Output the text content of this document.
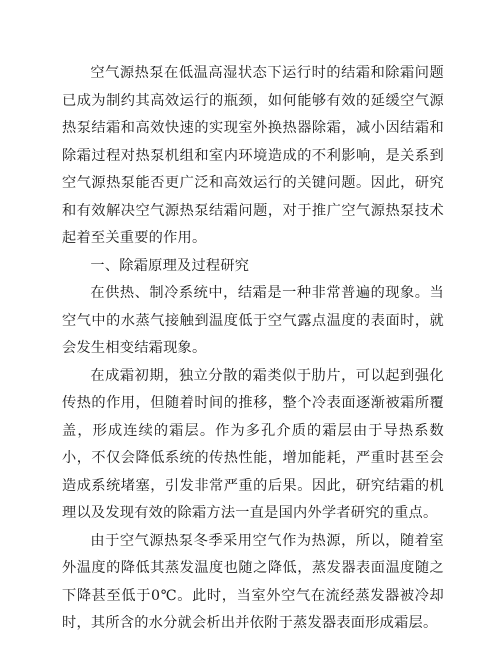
空气源热泵在低温高湿状态下运行时的结霜和除霜问题已成为制约其高效运行的瓶颈，如何能够有效的延缓空气源热泵结霜和高效快速的实现室外换热器除霜，减小因结霜和除霜过程对热泵机组和室内环境造成的不利影响，是关系到空气源热泵能否更广泛和高效运行的关键问题。因此，研究和有效解决空气源热泵结霜问题，对于推广空气源热泵技术起着至关重要的作用。

一、除霜原理及过程研究

在供热、制冷系统中，结霜是一种非常普遍的现象。当空气中的水蒸气接触到温度低于空气露点温度的表面时，就会发生相变结霜现象。

在成霜初期，独立分散的霜类似于肋片，可以起到强化传热的作用，但随着时间的推移，整个冷表面逐渐被霜所覆盖，形成连续的霜层。作为多孔介质的霜层由于导热系数小，不仅会降低系统的传热性能，增加能耗，严重时甚至会造成系统堵塞，引发非常严重的后果。因此，研究结霜的机理以及发现有效的除霜方法一直是国内外学者研究的重点。

由于空气源热泵冬季采用空气作为热源，所以，随着室外温度的降低其蒸发温度也随之降低，蒸发器表面温度随之下降甚至低于0℃。此时，当室外空气在流经蒸发器被冷却时，其所含的水分就会析出并依附于蒸发器表面形成霜层。
